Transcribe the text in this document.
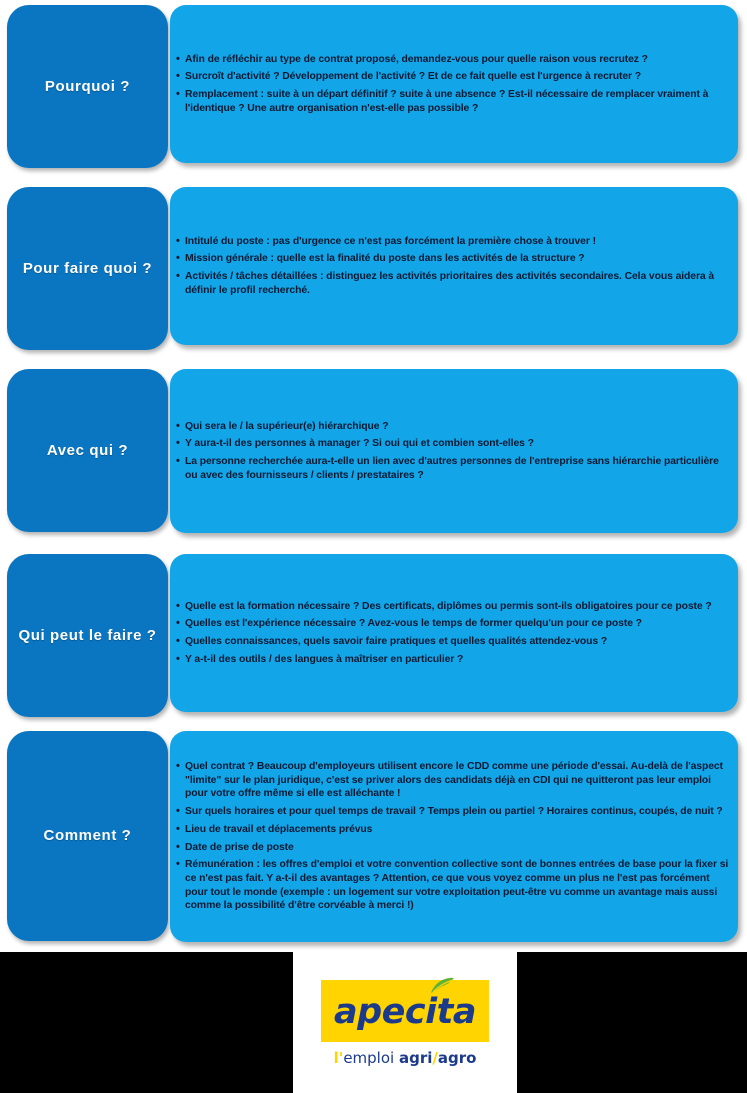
Pourquoi ?
• Afin de réfléchir au type de contrat proposé, demandez-vous pour quelle raison vous recrutez ?
• Surcroît d'activité ? Développement de l'activité ? Et de ce fait quelle est l'urgence à recruter ?
• Remplacement : suite à un départ définitif ? suite à une absence ? Est-il nécessaire de remplacer vraiment à l'identique ? Une autre organisation n'est-elle pas possible ?
Pour faire quoi ?
• Intitulé du poste : pas d'urgence ce n'est pas forcément la première chose à trouver !
• Mission générale : quelle est la finalité du poste dans les activités de la structure ?
• Activités / tâches détaillées : distinguez les activités prioritaires des activités secondaires. Cela vous aidera à définir le profil recherché.
Avec qui ?
• Qui sera le / la supérieur(e) hiérarchique ?
• Y aura-t-il des personnes à manager ? Si oui qui et combien sont-elles ?
• La personne recherchée aura-t-elle un lien avec d'autres personnes de l'entreprise sans hiérarchie particulière ou avec des fournisseurs / clients / prestataires ?
Qui peut le faire ?
• Quelle est la formation nécessaire ? Des certificats, diplômes ou permis sont-ils obligatoires pour ce poste ?
• Quelles est l'expérience nécessaire ? Avez-vous le temps de former quelqu'un pour ce poste ?
• Quelles connaissances, quels savoir faire pratiques et quelles qualités attendez-vous ?
• Y a-t-il des outils / des langues à maîtriser en particulier ?
Comment ?
• Quel contrat ? Beaucoup d'employeurs utilisent encore le CDD comme une période d'essai. Au-delà de l'aspect "limite" sur le plan juridique, c'est se priver alors des candidats déjà en CDI qui ne quitteront pas leur emploi pour votre offre même si elle est alléchante !
• Sur quels horaires et pour quel temps de travail ? Temps plein ou partiel ? Horaires continus, coupés, de nuit ?
• Lieu de travail et déplacements prévus
• Date de prise de poste
• Rémunération : les offres d'emploi et votre convention collective sont de bonnes entrées de base pour la fixer si ce n'est pas fait. Y a-t-il des avantages ? Attention, ce que vous voyez comme un plus ne l'est pas forcément pour tout le monde (exemple : un logement sur votre exploitation peut-être vu comme un avantage mais aussi comme la possibilité d'être corvéable à merci !)
apecita
l'emploi agri/agro
